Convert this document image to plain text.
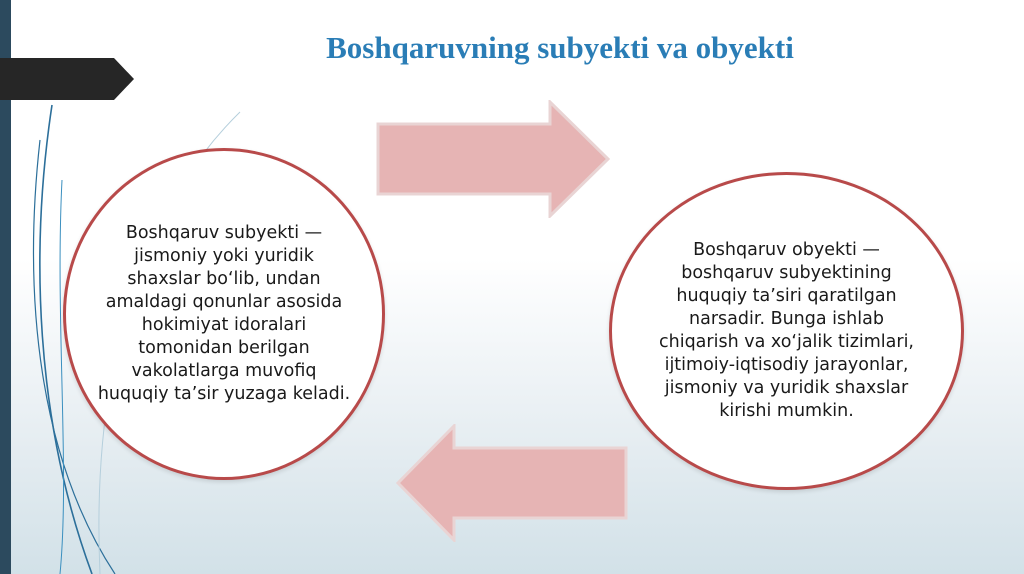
Boshqaruvning subyekti va obyekti

Boshqaruv subyekti — jismoniy yoki yuridik shaxslar bo‘lib, undan amaldagi qonunlar asosida hokimiyat idoralari tomonidan berilgan vakolatlarga muvofiq huquqiy ta’sir yuzaga keladi.

Boshqaruv obyekti — boshqaruv subyektining huquqiy ta’siri qaratilgan narsadir. Bunga ishlab chiqarish va xo‘jalik tizimlari, ijtimoiy-iqtisodiy jarayonlar, jismoniy va yuridik shaxslar kirishi mumkin.
